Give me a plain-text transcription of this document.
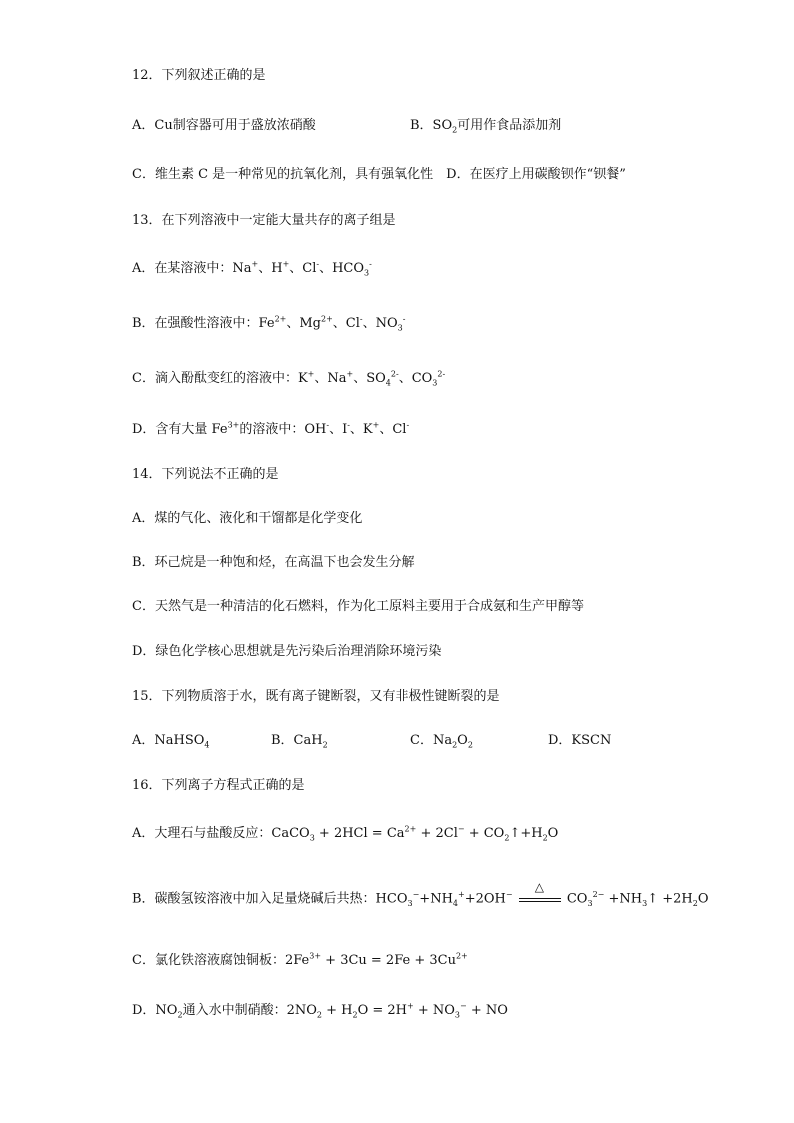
12．下列叙述正确的是
A．Cu制容器可用于盛放浓硝酸	B．$SO_2$可用作食品添加剂
C．维生素 C 是一种常见的抗氧化剂，具有强氧化性　D．在医疗上用碳酸钡作“钡餐”
13．在下列溶液中一定能大量共存的离子组是
A．在某溶液中：Na+、H+、Cl-、$HCO_3^-$
B．在强酸性溶液中：$Fe^{2+}$、$Mg^{2+}$、Cl-、$NO_3^-$
C．滴入酚酞变红的溶液中：K+、Na+、$SO_4^{2-}$、$CO_3^{2-}$
D．含有大量 $Fe^{3+}$的溶液中：OH-、I-、K+、Cl-
14．下列说法不正确的是
A．煤的气化、液化和干馏都是化学变化
B．环己烷是一种饱和烃，在高温下也会发生分解
C．天然气是一种清洁的化石燃料，作为化工原料主要用于合成氨和生产甲醇等
D．绿色化学核心思想就是先污染后治理消除环境污染
15．下列物质溶于水，既有离子键断裂，又有非极性键断裂的是
A．NaHSO$_4$	B．CaH$_2$	C．$Na_2O_2$	D．KSCN
16．下列离子方程式正确的是
A．大理石与盐酸反应：CaCO$_3$ + $2HCl = Ca^{2+} + 2Cl^-$ + $CO_2↑+H_2O$
B．碳酸氢铵溶液中加入足量烧碱后共热：$HCO_3^-+NH_4^++2OH^-$
△
$CO_3^{2-}$ $+NH_3↑ +2H_2O$
C．氯化铁溶液腐蚀铜板：$2Fe^{3+} + 3Cu = 2Fe + 3Cu^{2+}$
D．$NO_2$通入水中制硝酸：$2NO_2 + H_2O = 2H^+ + NO_3^-$ + NO
